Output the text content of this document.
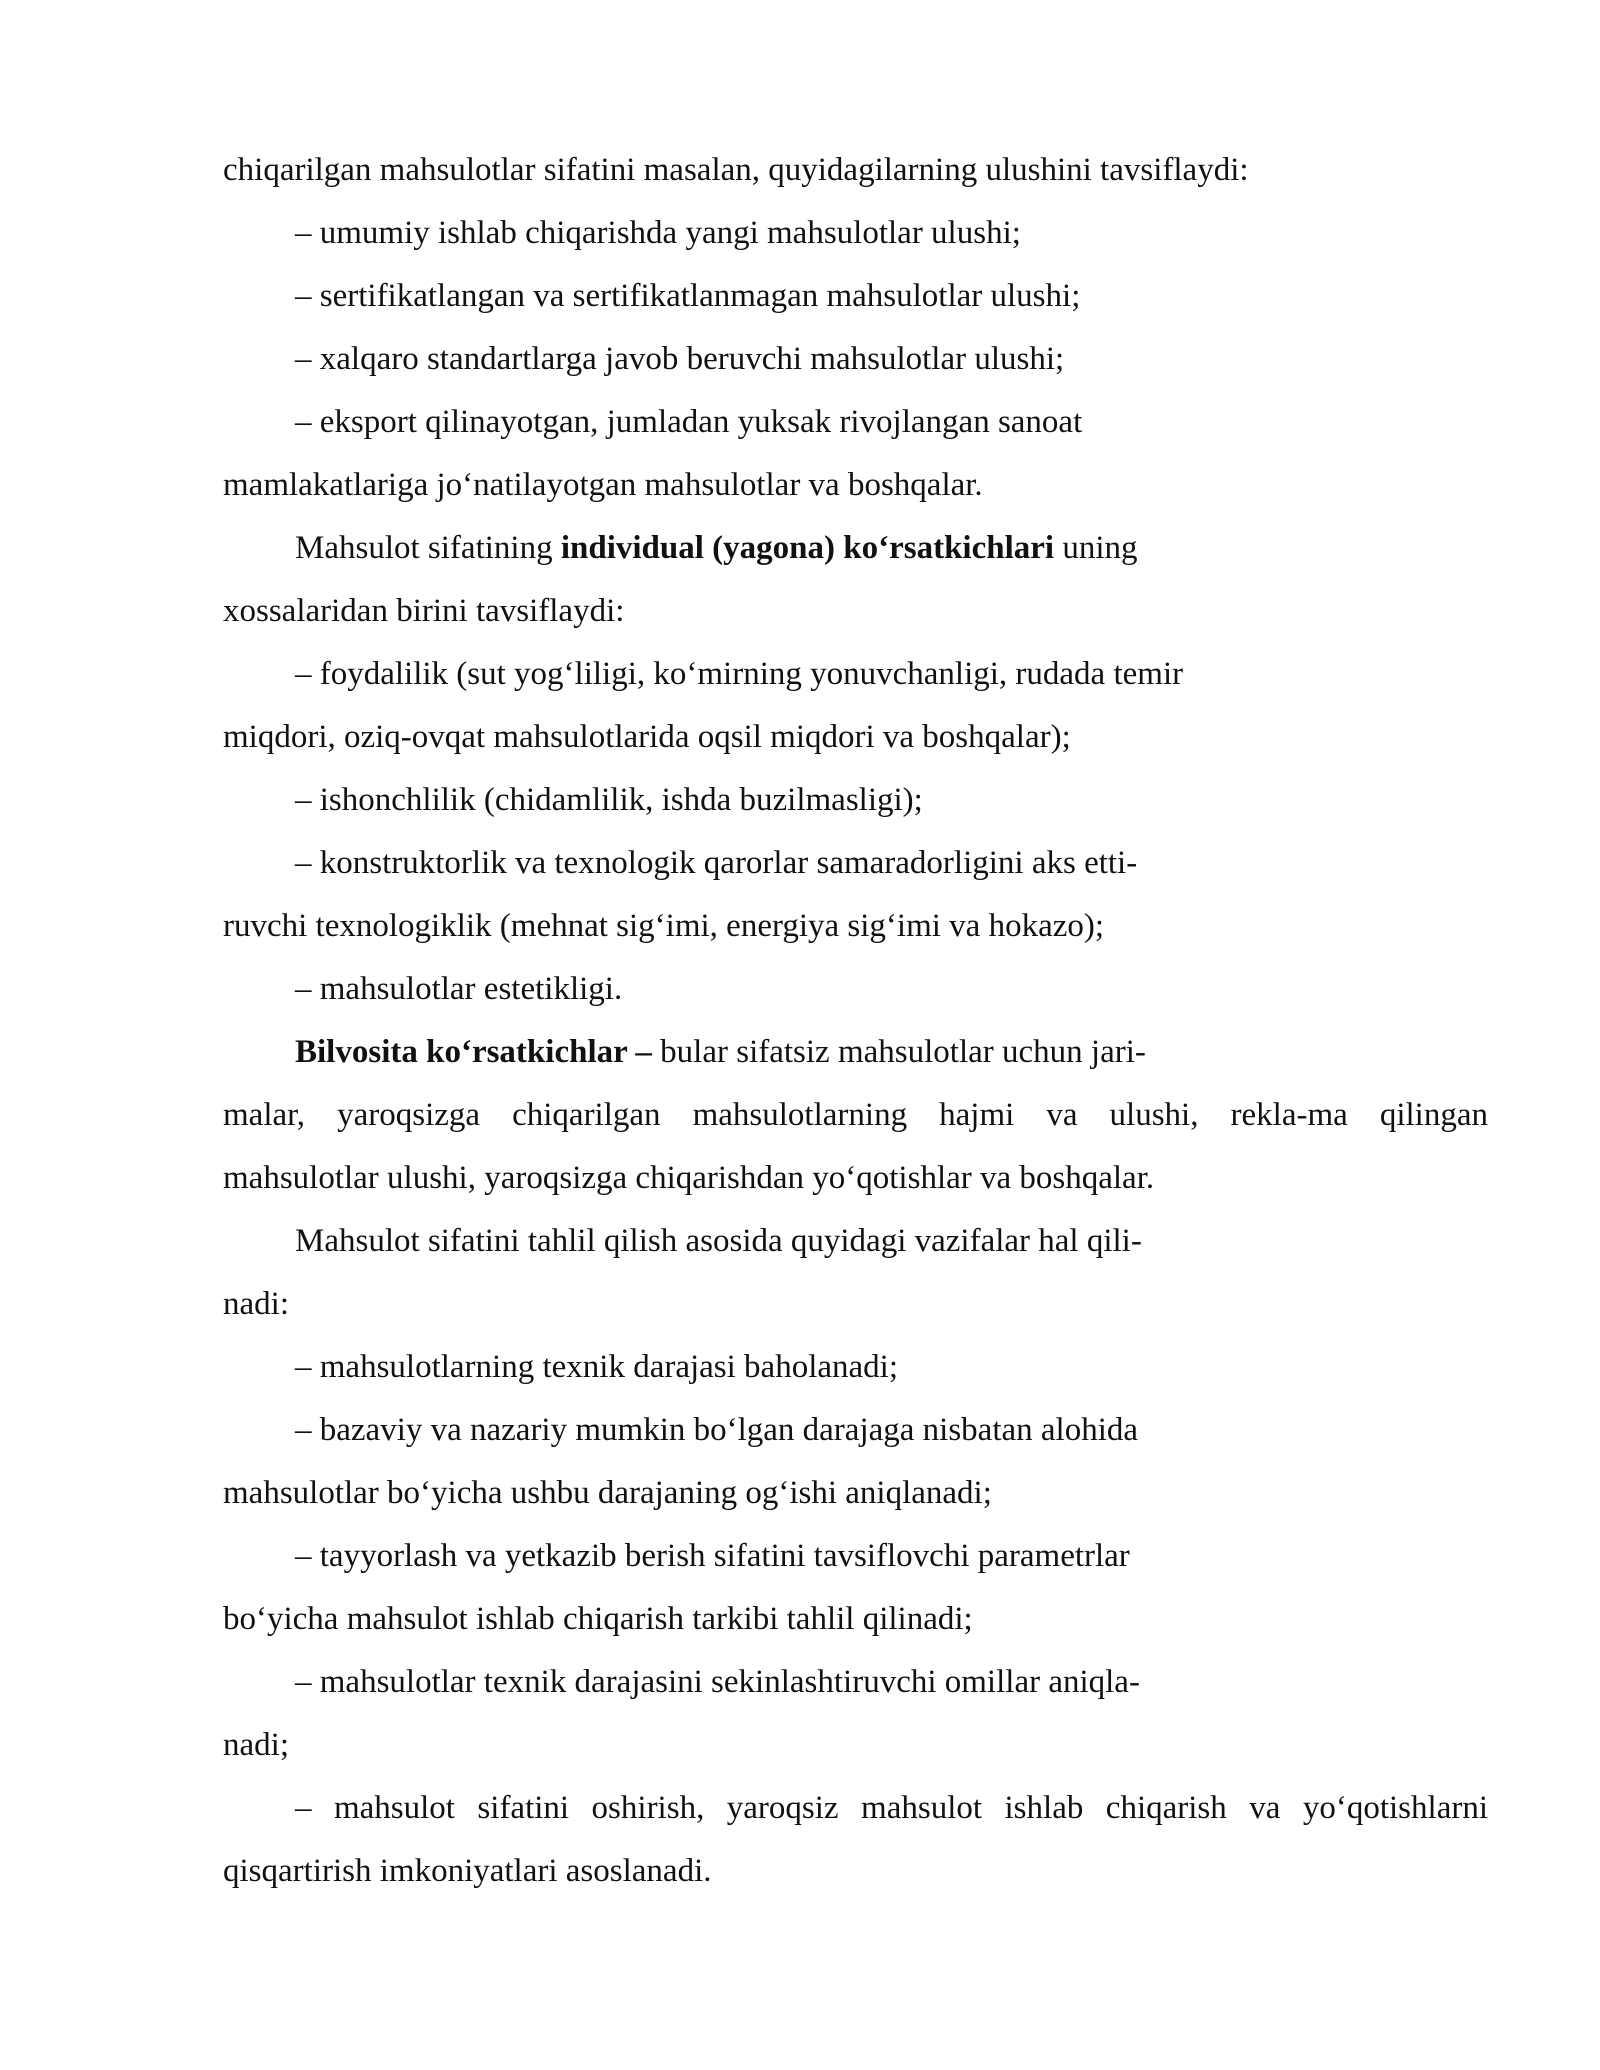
chiqarilgan mahsulotlar sifatini masalan, quyidagilarning ulushini tavsiflaydi:
– umumiy ishlab chiqarishda yangi mahsulotlar ulushi;
– sertifikatlangan va sertifikatlanmagan mahsulotlar ulushi;
– xalqaro standartlarga javob beruvchi mahsulotlar ulushi;
– eksport qilinayotgan, jumladan yuksak rivojlangan sanoat
mamlakatlariga jo‘natilayotgan mahsulotlar va boshqalar.
Mahsulot sifatining individual (yagona) ko‘rsatkichlari uning
xossalaridan birini tavsiflaydi:
– foydalilik (sut yog‘liligi, ko‘mirning yonuvchanligi, rudada temir
miqdori, oziq-ovqat mahsulotlarida oqsil miqdori va boshqalar);
– ishonchlilik (chidamlilik, ishda buzilmasligi);
– konstruktorlik va texnologik qarorlar samaradorligini aks etti-
ruvchi texnologiklik (mehnat sig‘imi, energiya sig‘imi va hokazo);
– mahsulotlar estetikligi.
Bilvosita ko‘rsatkichlar – bular sifatsiz mahsulotlar uchun jari-
malar, yaroqsizga chiqarilgan mahsulotlarning hajmi va ulushi, rekla-ma qilingan
mahsulotlar ulushi, yaroqsizga chiqarishdan yo‘qotishlar va boshqalar.
Mahsulot sifatini tahlil qilish asosida quyidagi vazifalar hal qili-
nadi:
– mahsulotlarning texnik darajasi baholanadi;
– bazaviy va nazariy mumkin bo‘lgan darajaga nisbatan alohida
mahsulotlar bo‘yicha ushbu darajaning og‘ishi aniqlanadi;
– tayyorlash va yetkazib berish sifatini tavsiflovchi parametrlar
bo‘yicha mahsulot ishlab chiqarish tarkibi tahlil qilinadi;
– mahsulotlar texnik darajasini sekinlashtiruvchi omillar aniqla-
nadi;
– mahsulot sifatini oshirish, yaroqsiz mahsulot ishlab chiqarish va yo‘qotishlarni
qisqartirish imkoniyatlari asoslanadi.
